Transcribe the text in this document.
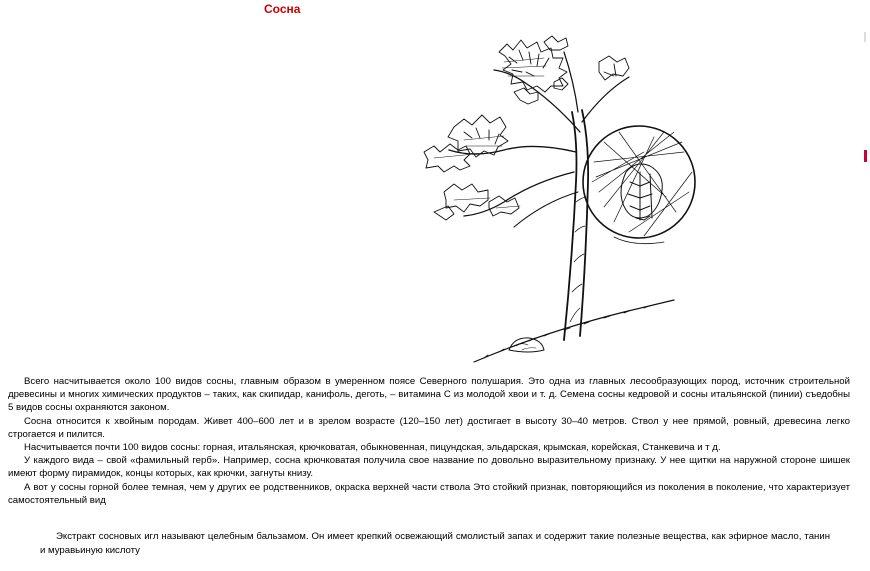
Сосна

Всего насчитывается около 100 видов сосны, главным образом в умеренном поясе Северного полушария. Это одна из главных лесообразующих пород, источник строительной древесины и многих химических продуктов – таких, как скипидар, канифоль, деготь, – витамина С из молодой хвои и т. д. Семена сосны кедровой и сосны итальянской (пинии) съедобны 5 видов сосны охраняются законом.

Сосна относится к хвойным породам. Живет 400–600 лет и в зрелом возрасте (120–150 лет) достигает в высоту 30–40 метров. Ствол у нее прямой, ровный, древесина легко строгается и пилится.

Насчитывается почти 100 видов сосны: горная, итальянская, крючковатая, обыкновенная, пицундская, эльдарская, крымская, корейская, Станкевича и т д.

У каждого вида – свой «фамильный герб». Например, сосна крючковатая получила свое название по довольно выразительному признаку. У нее щитки на наружной стороне шишек имеют форму пирамидок, концы которых, как крючки, загнуты книзу.

А вот у сосны горной более темная, чем у других ее родственников, окраска верхней части ствола Это стойкий признак, повторяющийся из поколения в поколение, что характеризует самостоятельный вид

Экстракт сосновых игл называют целебным бальзамом. Он имеет крепкий освежающий смолистый запах и содержит такие полезные вещества, как эфирное масло, танин и муравьиную кислоту
